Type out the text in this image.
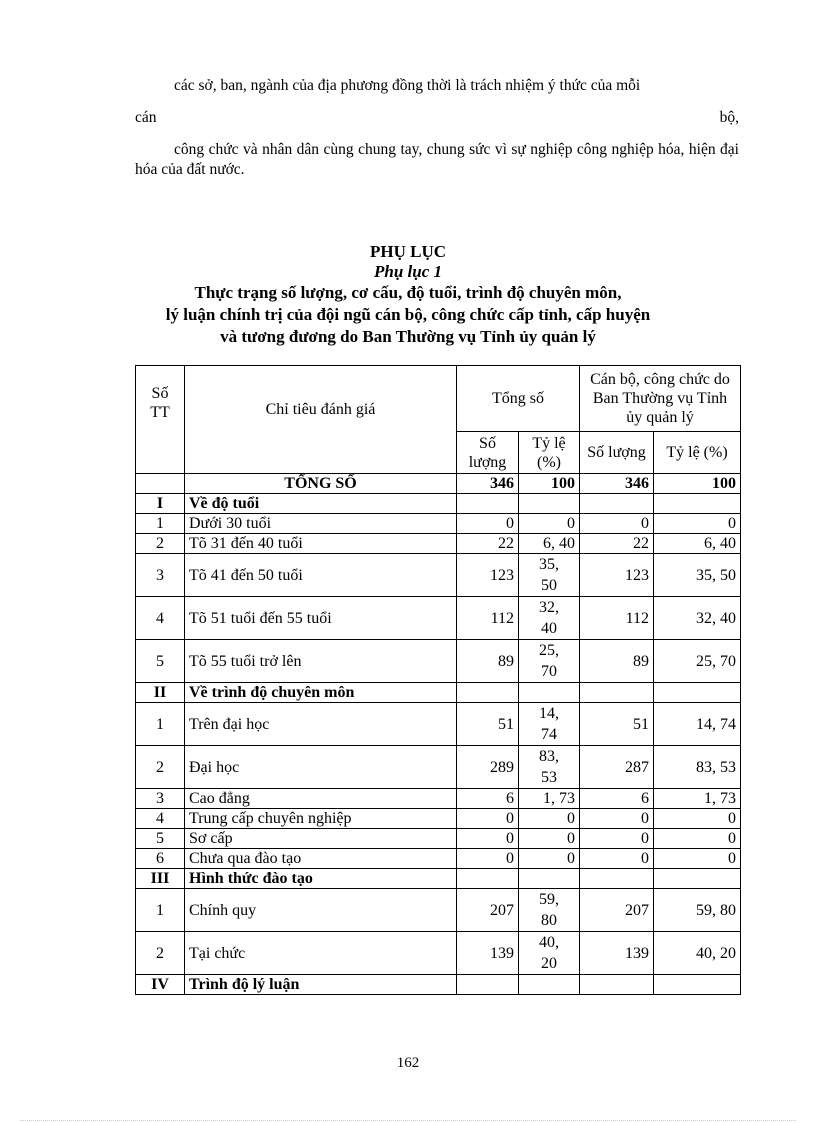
các sở, ban, ngành của địa phương đồng thời là trách nhiệm ý thức của mỗi
cán	bộ,
công chức và nhân dân cùng chung tay, chung sức vì sự nghiệp công nghiệp hóa, hiện đại hóa của đất nước.
PHỤ LỤC
Phụ lục 1
Thực trạng số lượng, cơ cấu, độ tuổi, trình độ chuyên môn,
lý luận chính trị của đội ngũ cán bộ, công chức cấp tỉnh, cấp huyện
và tương đương do Ban Thường vụ Tỉnh ủy quản lý
Số TT	Chỉ tiêu đánh giá	Tổng số		Cán bộ, công chức do Ban Thường vụ Tỉnh ủy quản lý	
		Số lượng	Tỷ lệ (%)	Số lượng	Tỷ lệ (%)
	TỔNG SỐ	346	100	346	100
I	Về độ tuổi				
1	Dưới 30 tuổi	0	0	0	0
2	Tõ 31 đến 40 tuổi	22	6, 40	22	6, 40
3	Tõ 41 đến 50 tuổi	123	35, 50	123	35, 50
4	Tõ 51 tuổi đến 55 tuổi	112	32, 40	112	32, 40
5	Tõ 55 tuổi trở lên	89	25, 70	89	25, 70
II	Về trình độ chuyên môn				
1	Trên đại học	51	14, 74	51	14, 74
2	Đại học	289	83, 53	287	83, 53
3	Cao đẳng	6	1, 73	6	1, 73
4	Trung cấp chuyên nghiệp	0	0	0	0
5	Sơ cấp	0	0	0	0
6	Chưa qua đào tạo	0	0	0	0
III	Hình thức đào tạo				
1	Chính quy	207	59, 80	207	59, 80
2	Tại chức	139	40, 20	139	40, 20
IV	Trình độ lý luận				
162
